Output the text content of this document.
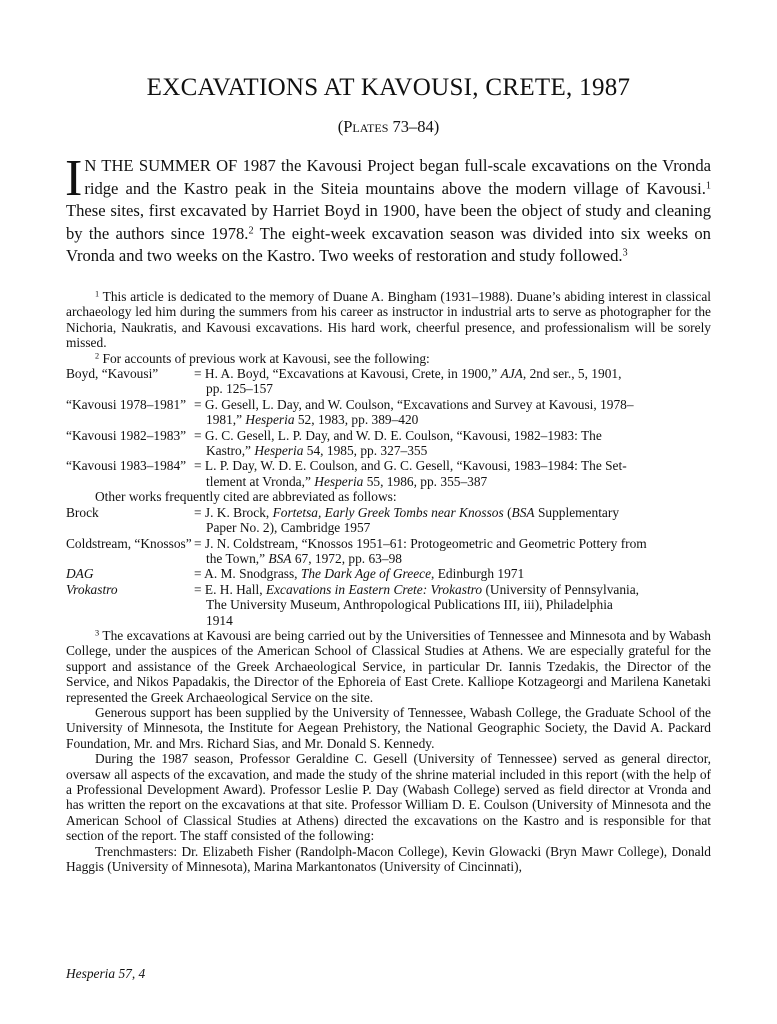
EXCAVATIONS AT KAVOUSI, CRETE, 1987
(Plates 73–84)
I N THE SUMMER OF 1987 the Kavousi Project began full-scale excavations on the Vronda ridge and the Kastro peak in the Siteia mountains above the modern village of Kavousi.$^1$ These sites, first excavated by Harriet Boyd in 1900, have been the object of study and cleaning by the authors since 1978.$^2$ The eight-week excavation season was divided into six weeks on Vronda and two weeks on the Kastro. Two weeks of restoration and study followed.$^3$

$^1$ This article is dedicated to the memory of Duane A. Bingham (1931–1988). Duane’s abiding interest in classical archaeology led him during the summers from his career as instructor in industrial arts to serve as photographer for the Nichoria, Naukratis, and Kavousi excavations. His hard work, cheerful presence, and professionalism will be sorely missed.

$^2$ For accounts of previous work at Kavousi, see the following:

Boyd, “Kavousi”	= H. A. Boyd, “Excavations at Kavousi, Crete, in 1900,” AJA, 2nd ser., 5, 1901,
pp. 125–157
“Kavousi 1978–1981” = G. Gesell, L. Day, and W. Coulson, “Excavations and Survey at Kavousi, 1978–
1981,” Hesperia 52, 1983, pp. 389–420
“Kavousi 1982–1983” = G. C. Gesell, L. P. Day, and W. D. E. Coulson, “Kavousi, 1982–1983: The
Kastro,” Hesperia 54, 1985, pp. 327–355
“Kavousi 1983–1984” = L. P. Day, W. D. E. Coulson, and G. C. Gesell, “Kavousi, 1983–1984: The Set-
tlement at Vronda,” Hesperia 55, 1986, pp. 355–387

Other works frequently cited are abbreviated as follows:

Brock	= J. K. Brock, Fortetsa, Early Greek Tombs near Knossos (BSA Supplementary
Paper No. 2), Cambridge 1957
Coldstream, “Knossos” = J. N. Coldstream, “Knossos 1951–61: Protogeometric and Geometric Pottery from
the Town,” BSA 67, 1972, pp. 63–98
DAG	= A. M. Snodgrass, The Dark Age of Greece, Edinburgh 1971
Vrokastro	= E. H. Hall, Excavations in Eastern Crete: Vrokastro (University of Pennsylvania,
The University Museum, Anthropological Publications III, iii), Philadelphia
1914

$^3$ The excavations at Kavousi are being carried out by the Universities of Tennessee and Minnesota and by Wabash College, under the auspices of the American School of Classical Studies at Athens. We are especially grateful for the support and assistance of the Greek Archaeological Service, in particular Dr. Iannis Tzedakis, the Director of the Service, and Nikos Papadakis, the Director of the Ephoreia of East Crete. Kalliope Kotzageorgi and Marilena Kanetaki represented the Greek Archaeological Service on the site.

Generous support has been supplied by the University of Tennessee, Wabash College, the Graduate School of the University of Minnesota, the Institute for Aegean Prehistory, the National Geographic Society, the David A. Packard Foundation, Mr. and Mrs. Richard Sias, and Mr. Donald S. Kennedy.

During the 1987 season, Professor Geraldine C. Gesell (University of Tennessee) served as general director, oversaw all aspects of the excavation, and made the study of the shrine material included in this report (with the help of a Professional Development Award). Professor Leslie P. Day (Wabash College) served as field director at Vronda and has written the report on the excavations at that site. Professor William D. E. Coulson (University of Minnesota and the American School of Classical Studies at Athens) directed the excavations on the Kastro and is responsible for that section of the report. The staff consisted of the following:

Trenchmasters: Dr. Elizabeth Fisher (Randolph-Macon College), Kevin Glowacki (Bryn Mawr College), Donald Haggis (University of Minnesota), Marina Markantonatos (University of Cincinnati),

Hesperia 57, 4
